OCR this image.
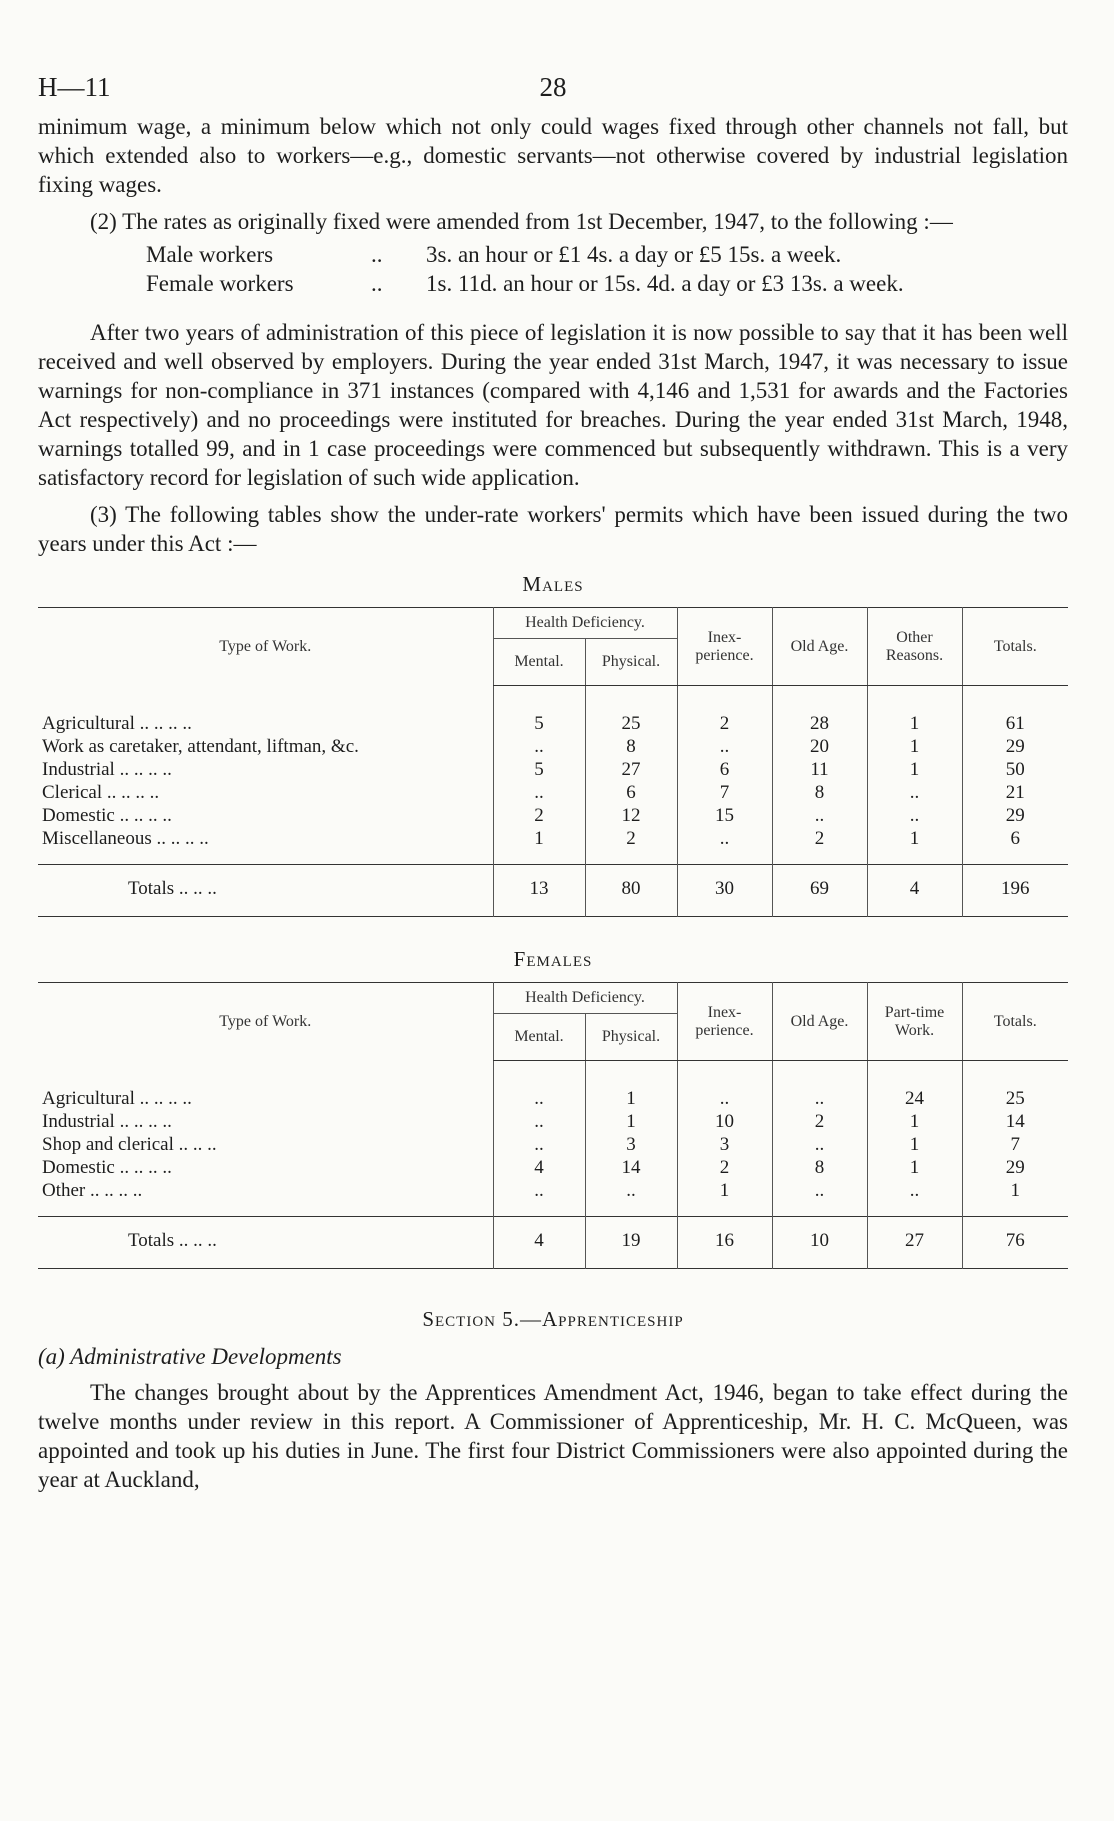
H—11	28

minimum wage, a minimum below which not only could wages fixed through other channels not fall, but which extended also to workers—e.g., domestic servants—not otherwise covered by industrial legislation fixing wages.

(2) The rates as originally fixed were amended from 1st December, 1947, to the following :—

Male workers	..	3s. an hour or £1 4s. a day or £5 15s. a week.
Female workers	..	1s. 11d. an hour or 15s. 4d. a day or £3 13s. a week.

After two years of administration of this piece of legislation it is now possible to say that it has been well received and well observed by employers. During the year ended 31st March, 1947, it was necessary to issue warnings for non-compliance in 371 instances (compared with 4,146 and 1,531 for awards and the Factories Act respectively) and no proceedings were instituted for breaches. During the year ended 31st March, 1948, warnings totalled 99, and in 1 case proceedings were commenced but subsequently withdrawn. This is a very satisfactory record for legislation of such wide application.

(3) The following tables show the under-rate workers' permits which have been issued during the two years under this Act :—

Males
Type of Work.	Health Deficiency.		Inex-perience.	Old Age.	Other Reasons.	Totals.
	Mental.	Physical.				
Agricultural .. .. .. ..	5	25	2	28	1	61
Work as caretaker, attendant, liftman, &c.	..	8	..	20	1	29
Industrial .. .. .. ..	5	27	6	11	1	50
Clerical .. .. .. ..	..	6	7	8	..	21
Domestic .. .. .. ..	2	12	15	..	..	29
Miscellaneous .. .. .. ..	1	2	..	2	1	6
Totals .. .. ..	13	80	30	69	4	196
Females
Type of Work.	Health Deficiency.		Inex-perience.	Old Age.	Part-time Work.	Totals.
	Mental.	Physical.				
Agricultural .. .. .. ..	..	1	..	..	24	25
Industrial .. .. .. ..	..	1	10	2	1	14
Shop and clerical .. .. ..	..	3	3	..	1	7
Domestic .. .. .. ..	4	14	2	8	1	29
Other .. .. .. ..	..	..	1	..	..	1
Totals .. .. ..	4	19	16	10	27	76
Section 5.—Apprenticeship
(a) Administrative Developments

The changes brought about by the Apprentices Amendment Act, 1946, began to take effect during the twelve months under review in this report. A Commissioner of Apprenticeship, Mr. H. C. McQueen, was appointed and took up his duties in June. The first four District Commissioners were also appointed during the year at Auckland,
